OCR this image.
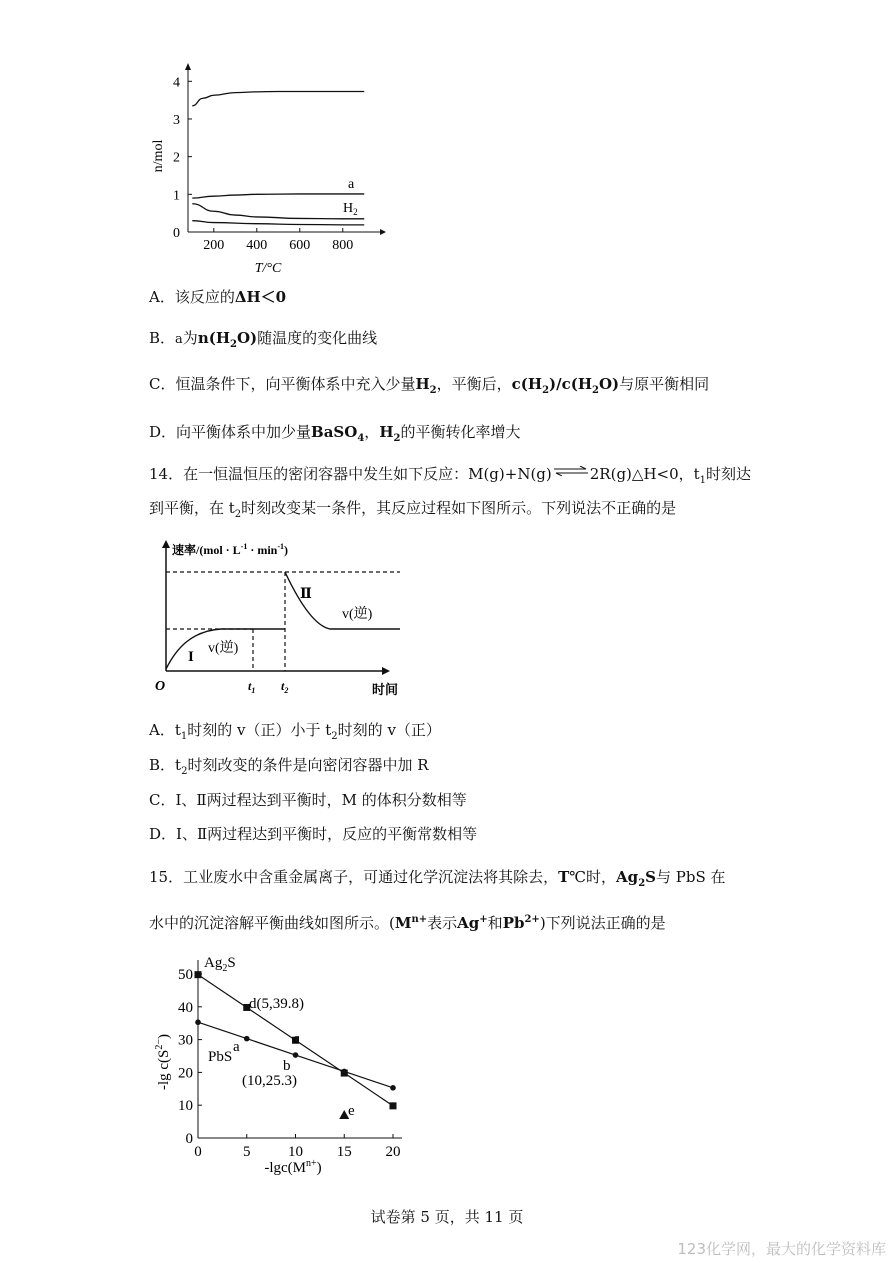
0
1
2
3
4
200 400 600 800
a
$H_2$
n/mol
T/°C
A．该反应的ΔH＜0
B．a为$n(H_2O)$随温度的变化曲线
C．恒温条件下，向平衡体系中充入少量$H_2$，平衡后，$c(H_2)/c(H_2O)$与原平衡相同
D．向平衡体系中加少量BaSO$_4$，$H_2$的平衡转化率增大
14．在一恒温恒压的密闭容器中发生如下反应：M(g)+N(g)⇌2R(g)△H<0，$t_1$时刻达
到平衡，在 $t_2$时刻改变某一条件，其反应过程如下图所示。下列说法不正确的是
速率$/(mol \cdot L^{-1} \cdot \min^{-1})$
O	$t_1$ $t_2$	时间
I
Ⅱ
v(逆)
v(逆)
A．$t_1$时刻的 v（正）小于 $t_2$时刻的 v（正）
B．$t_2$时刻改变的条件是向密闭容器中加 R
C．I、Ⅱ两过程达到平衡时，M 的体积分数相等
D．I、Ⅱ两过程达到平衡时，反应的平衡常数相等
15．工业废水中含重金属离子，可通过化学沉淀法将其除去，T℃时，$Ag_2S$与 PbS 在
水中的沉淀溶解平衡曲线如图所示。($M^{n+}$表示Ag+和$Pb^{2+}$)下列说法正确的是
0	5	10 15 20
0
10
20
30
40
50
$Ag_2S$
PbS
d(5,39.8)
c
a
b
(10,25.3)
e
$-\lg c(M^{n+})$
-lg $c(S^{2-})$
试卷第 5 页，共 11 页
123化学网，最大的化学资料库
